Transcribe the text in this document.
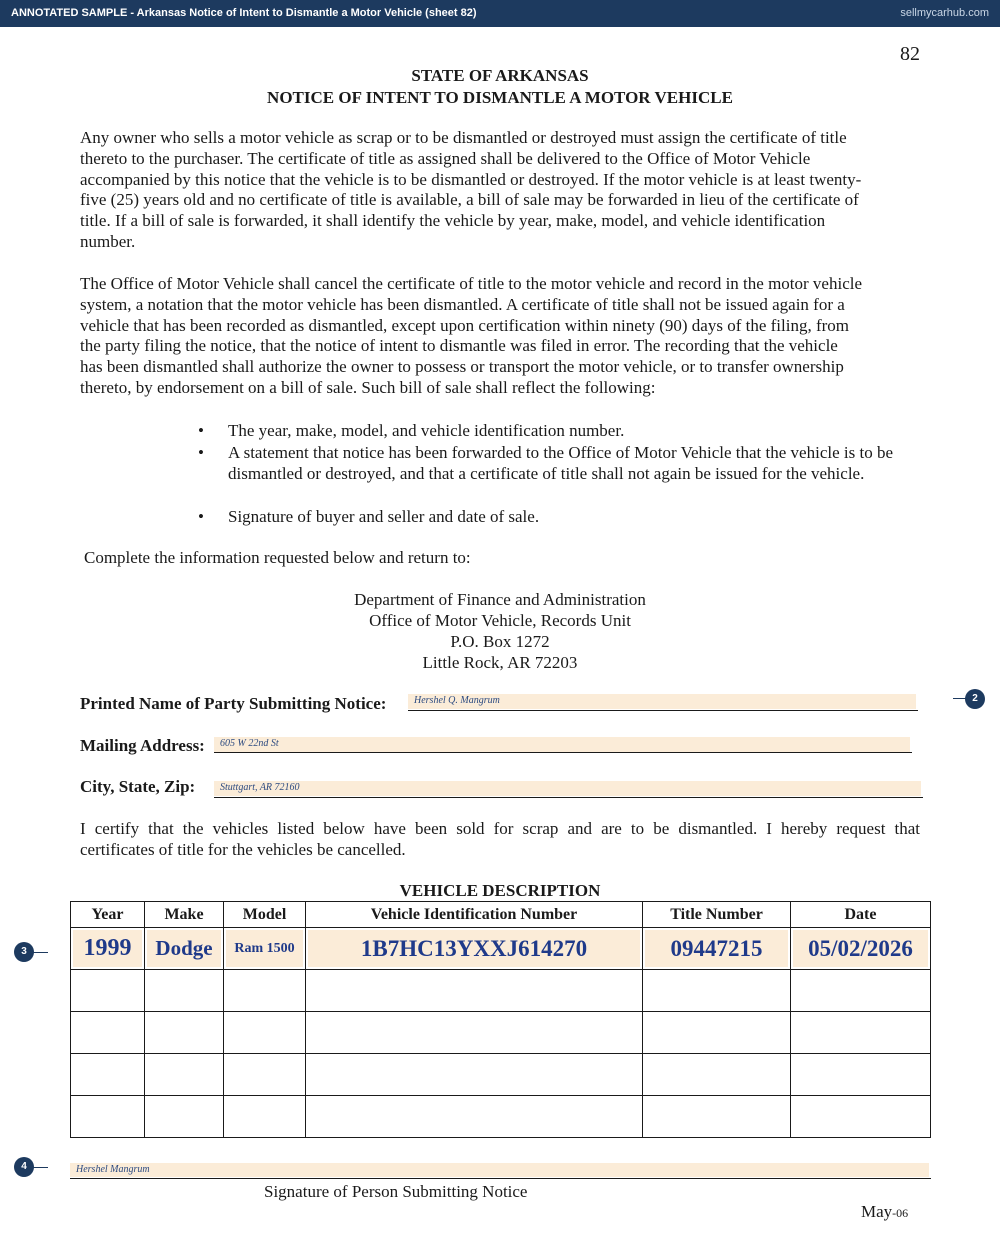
ANNOTATED SAMPLE - Arkansas Notice of Intent to Dismantle a Motor Vehicle (sheet 82)	sellmycarhub.com
82
STATE OF ARKANSAS
NOTICE OF INTENT TO DISMANTLE A MOTOR VEHICLE
Any owner who sells a motor vehicle as scrap or to be dismantled or destroyed must assign the certificate of title
thereto to the purchaser. The certificate of title as assigned shall be delivered to the Office of Motor Vehicle
accompanied by this notice that the vehicle is to be dismantled or destroyed. If the motor vehicle is at least twenty-
five (25) years old and no certificate of title is available, a bill of sale may be forwarded in lieu of the certificate of
title. If a bill of sale is forwarded, it shall identify the vehicle by year, make, model, and vehicle identification
number.
The Office of Motor Vehicle shall cancel the certificate of title to the motor vehicle and record in the motor vehicle
system, a notation that the motor vehicle has been dismantled. A certificate of title shall not be issued again for a
vehicle that has been recorded as dismantled, except upon certification within ninety (90) days of the filing, from
the party filing the notice, that the notice of intent to dismantle was filed in error. The recording that the vehicle
has been dismantled shall authorize the owner to possess or transport the motor vehicle, or to transfer ownership
thereto, by endorsement on a bill of sale. Such bill of sale shall reflect the following:
• The year, make, model, and vehicle identification number.
• A statement that notice has been forwarded to the Office of Motor Vehicle that the vehicle is to be dismantled or destroyed, and that a certificate of title shall not again be issued for the vehicle.
• Signature of buyer and seller and date of sale.
Complete the information requested below and return to:
Department of Finance and Administration
Office of Motor Vehicle, Records Unit
P.O. Box 1272
Little Rock, AR 72203
Printed Name of Party Submitting Notice:	Hershel Q. Mangrum
Mailing Address:	605 W 22nd St
City, State, Zip:	Stuttgart, AR 72160
I certify that the vehicles listed below have been sold for scrap and are to be dismantled. I hereby request that
certificates of title for the vehicles be cancelled.
VEHICLE DESCRIPTION
Year	Make	Model	Vehicle Identification Number	Title Number	Date

1999	Dodge	Ram 1500	1B7HC13YXXJ614270	09447215	05/02/2026

Hershel Mangrum
Signature of Person Submitting Notice
May-06
2
3
4
